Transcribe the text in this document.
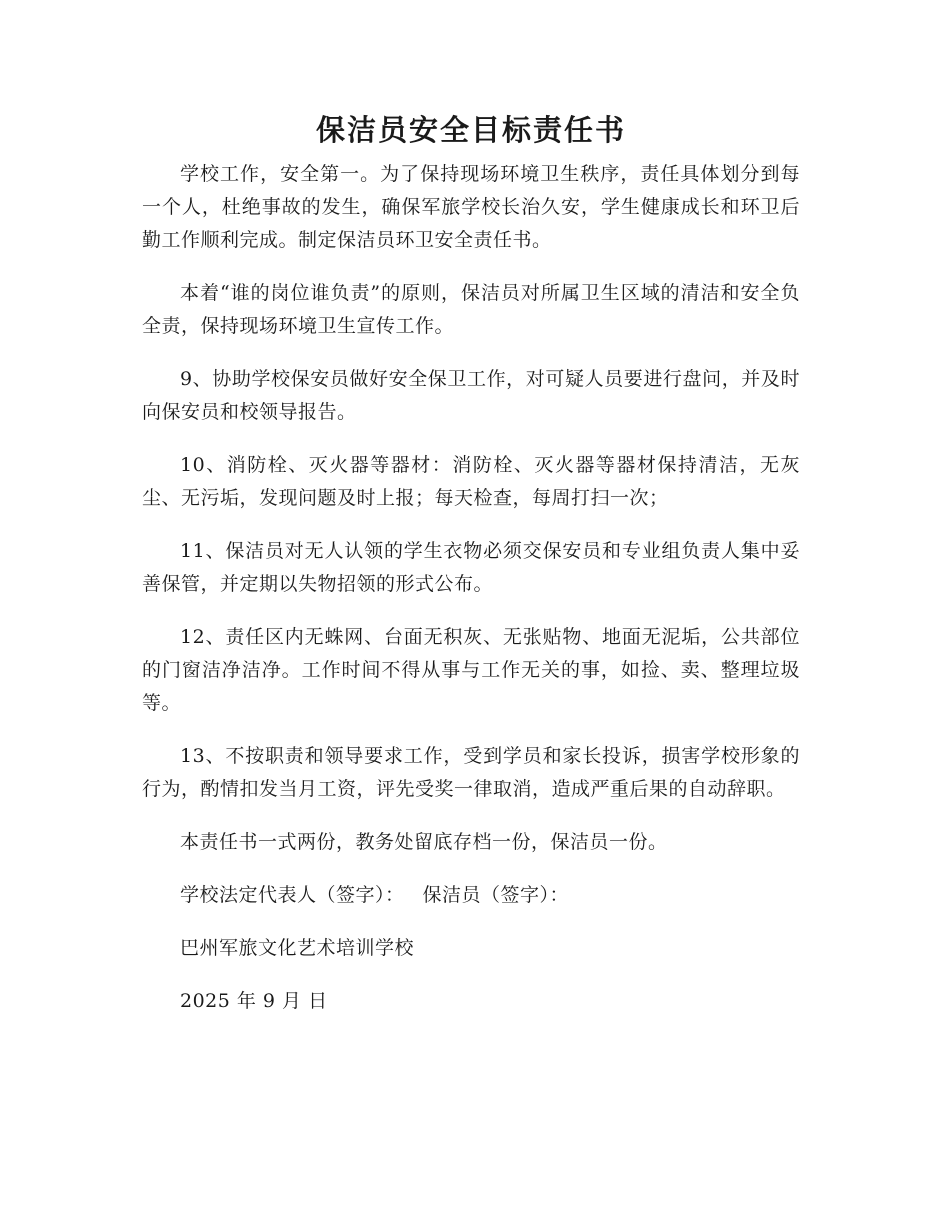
保洁员安全目标责任书

学校工作，安全第一。为了保持现场环境卫生秩序，责任具体划分到每一个人，杜绝事故的发生，确保军旅学校长治久安，学生健康成长和环卫后勤工作顺利完成。制定保洁员环卫安全责任书。

本着“谁的岗位谁负责”的原则，保洁员对所属卫生区域的清洁和安全负全责，保持现场环境卫生宣传工作。

9、协助学校保安员做好安全保卫工作，对可疑人员要进行盘问，并及时向保安员和校领导报告。

10、消防栓、灭火器等器材：消防栓、灭火器等器材保持清洁，无灰尘、无污垢，发现问题及时上报；每天检查，每周打扫一次；

11、保洁员对无人认领的学生衣物必须交保安员和专业组负责人集中妥善保管，并定期以失物招领的形式公布。

12、责任区内无蛛网、台面无积灰、无张贴物、地面无泥垢，公共部位的门窗洁净洁净。工作时间不得从事与工作无关的事，如捡、卖、整理垃圾等。

13、不按职责和领导要求工作，受到学员和家长投诉，损害学校形象的行为，酌情扣发当月工资，评先受奖一律取消，造成严重后果的自动辞职。

本责任书一式两份，教务处留底存档一份，保洁员一份。

学校法定代表人（签字）： 保洁员（签字）：

巴州军旅文化艺术培训学校

2025 年 9 月 日
